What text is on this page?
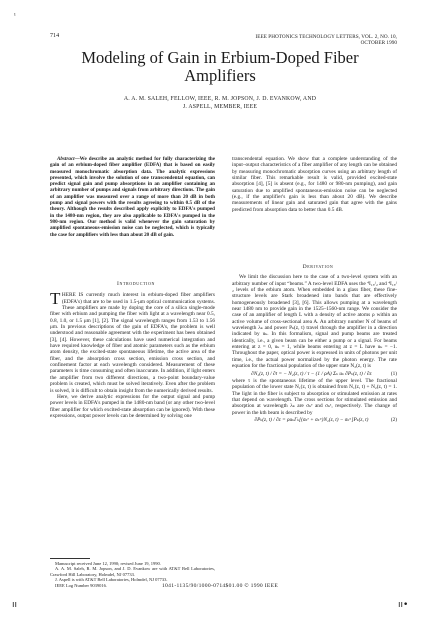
¹
714	IEEE PHOTONICS TECHNOLOGY LETTERS, VOL. 2, NO. 10, OCTOBER 1990
Modeling of Gain in Erbium-Doped Fiber
Amplifiers
A. A. M. SALEH, FELLOW, IEEE, R. M. JOPSON, J. D. EVANKOW, AND
J. ASPELL, MEMBER, IEEE

Abstract—We describe an analytic method for fully characterizing the gain of an erbium-doped fiber amplifier (EDFA) that is based on easily measured monochromatic absorption data. The analytic expressions presented, which involve the solution of one transcendental equation, can predict signal gain and pump absorptions in an amplifier containing an arbitrary number of pumps and signals from arbitrary directions. The gain of an amplifier was measured over a range of more than 20 dB in both pump and signal powers with the results agreeing to within 0.5 dB of the theory. Although the results described apply explicitly to EDFA's pumped in the 1480-nm region, they are also applicable to EDFA's pumped in the 980-nm region. Our method is valid whenever the gain saturation by amplified spontaneous-emission noise can be neglected, which is typically the case for amplifiers with less than about 20 dB of gain.

Introduction

THERE IS currently much interest in erbium-doped fiber amplifiers (EDFA's) that are to be used in 1.5-μm optical communication systems. These amplifiers are made by doping the core of a silica single-mode fiber with erbium and pumping the fiber with light at a wavelength near 0.5, 0.8, 1.0, or 1.5 μm [1], [2]. The signal wavelength ranges from 1.53 to 1.56 μm. In previous descriptions of the gain of EDFA's, the problem is well understood and reasonable agreement with the experiment has been obtained [3], [4]. However, these calculations have used numerical integration and have required knowledge of fiber and atomic parameters such as the erbium atom density, the excited-state spontaneous lifetime, the active area of the fiber, and the absorption cross section, emission cross section, and confinement factor at each wavelength considered. Measurement of these parameters is time consuming and often inaccurate. In addition, if light enters the amplifier from two different directions, a two-point boundary-value problem is created, which must be solved iteratively. Even after the problem is solved, it is difficult to obtain insight from the numerically derived results.

Here, we derive analytic expressions for the output signal and pump power levels in EDFA's pumped in the 1480-nm band (or any other two-level fiber amplifier for which excited-state absorption can be ignored). With these expressions, output power levels can be determined by solving one

Manuscript received June 12, 1990; revised June 19, 1990.

A. A. M. Saleh, R. M. Jopson, and J. D. Evankow are with AT&T Bell Laboratories, Crawford Hill Laboratory, Holmdel, NJ 07733.

J. Aspell is with AT&T Bell Laboratories, Holmdel, NJ 07733.

IEEE Log Number 9039016.

transcendental equation. We show that a complete understanding of the input–output characteristics of a fiber amplifier of any length can be obtained by measuring monochromatic absorption curves using an arbitrary length of similar fiber. This remarkable result is valid, provided excited-state absorption [4], [5] is absent (e.g., for 1480 or 980-nm pumping), and gain saturation due to amplified spontaneous-emission noise can be neglected (e.g., if the amplifier's gain is less than about 20 dB). We describe measurements of linear gain and saturated gain that agree with the gains predicted from absorption data to better than 0.5 dB.

Derivation

We limit the discussion here to the case of a two-level system with an arbitrary number of input “beams.” A two-level EDFA uses the ⁴I₁₃/₂ and ⁴I₁₅/₂ levels of the erbium atom. When embedded in a glass fiber, these fine-structure levels are Stark broadened into bands that are effectively homogeneously broadened [3], [6]. This allows pumping at a wavelength near 1480 nm to provide gain in the 1525–1560-nm range. We consider the case of an amplifier of length L with a density of active atoms ρ within an active volume of cross-sectional area A. An arbitrary number N of beams of wavelength λₖ and power Pₖ(z, t) travel through the amplifier in a direction indicated by uₖ. In this formalism, signal and pump beams are treated identically, i.e., a given beam can be either a pump or a signal. For beams entering at z = 0, uₖ = 1, while beams entering at z = L have uₖ = −1. Throughout the paper, optical power is expressed in units of photons per unit time, i.e., the actual power normalized by the photon energy. The rate equation for the fractional population of the upper state N₂(z, t) is

(1)
∂N₂(z, t) / ∂t = − N₂(z, t) / τ − (1 / ρA) Σₖ uₖ ∂Pₖ(z, t) / ∂z

where τ is the spontaneous lifetime of the upper level. The fractional population of the lower state N₁(z, t) is obtained from N₁(z, t) + N₂(z, t) = 1. The light in the fiber is subject to absorption or stimulated emission at rates that depend on wavelength. The cross sections for stimulated emission and absorption at wavelength λₖ are σₖᵉ and σₖᵃ, respectively. The change of power in the kth beam is described by

(2)
∂Pₖ(z, t) / ∂z = ρuₖΓₖ[(σₖᵉ + σₖᵃ)N₂(z, t) − σₖᵃ]Pₖ(z, t)
1041-1135/90/1000-0714$01.00 © 1990 IEEE
ıı	ıı•
